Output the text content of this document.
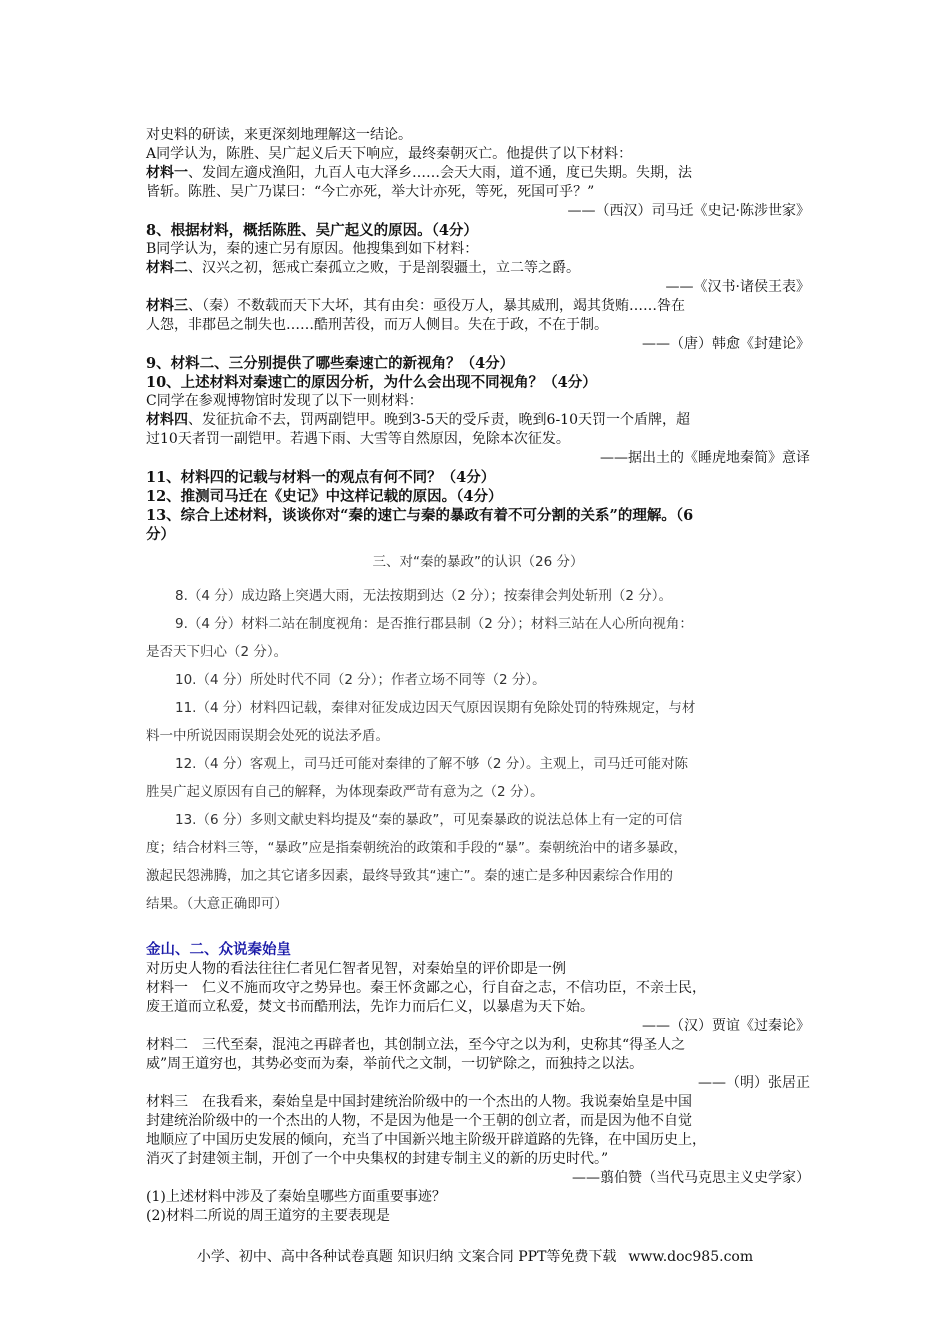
对史料的研读，来更深刻地理解这一结论。
A同学认为，陈胜、吴广起义后天下响应，最终秦朝灭亡。他提供了以下材料：
材料一、发闾左適戍渔阳，九百人屯大泽乡……会天大雨，道不通，度已失期。失期，法
皆斩。陈胜、吴广乃谋曰：“今亡亦死，举大计亦死，等死，死国可乎？”
——（西汉）司马迁《史记·陈涉世家》
8、根据材料，概括陈胜、吴广起义的原因。（4分）
B同学认为，秦的速亡另有原因。他搜集到如下材料：
材料二、汉兴之初，惩戒亡秦孤立之败，于是剖裂疆土，立二等之爵。
——《汉书·诸侯王表》
材料三、（秦）不数载而天下大坏，其有由矣：亟役万人，暴其威刑，竭其货贿……咎在
人怨，非郡邑之制失也……酷刑苦役，而万人侧目。失在于政，不在于制。
——（唐）韩愈《封建论》
9、材料二、三分别提供了哪些秦速亡的新视角？（4分）
10、上述材料对秦速亡的原因分析，为什么会出现不同视角？（4分）
C同学在参观博物馆时发现了以下一则材料：
材料四、发征抗命不去，罚两副铠甲。晚到3-5天的受斥责，晚到6-10天罚一个盾牌，超
过10天者罚一副铠甲。若遇下雨、大雪等自然原因，免除本次征发。
——据出土的《睡虎地秦简》意译
11、材料四的记载与材料一的观点有何不同？（4分）
12、推测司马迁在《史记》中这样记载的原因。（4分）
13、综合上述材料，谈谈你对“秦的速亡与秦的暴政有着不可分割的关系”的理解。（6
分）
三、对“秦的暴政”的认识（26 分）

8.（4 分）成边路上突遇大雨，无法按期到达（2 分）；按秦律会判处斩刑（2 分）。

9.（4 分）材料二站在制度视角：是否推行郡县制（2 分）；材料三站在人心所向视角：

是否天下归心（2 分）。

10.（4 分）所处时代不同（2 分）；作者立场不同等（2 分）。

11.（4 分）材料四记载，秦律对征发成边因天气原因误期有免除处罚的特殊规定，与材

料一中所说因雨误期会处死的说法矛盾。

12.（4 分）客观上，司马迁可能对秦律的了解不够（2 分）。主观上，司马迁可能对陈

胜吴广起义原因有自己的解释，为体现秦政严苛有意为之（2 分）。

13.（6 分）多则文献史料均提及“秦的暴政”，可见秦暴政的说法总体上有一定的可信

度；结合材料三等，“暴政”应是指秦朝统治的政策和手段的“暴”。秦朝统治中的诸多暴政，

激起民怨沸腾，加之其它诸多因素，最终导致其“速亡”。秦的速亡是多种因素综合作用的

结果。（大意正确即可）

金山、二、众说秦始皇
对历史人物的看法往往仁者见仁智者见智，对秦始皇的评价即是一例
材料一　仁义不施而攻守之势异也。秦王怀贪鄙之心，行自奋之志，不信功臣，不亲士民，
废王道而立私爱，焚文书而酷刑法，先诈力而后仁义，以暴虐为天下始。
——（汉）贾谊《过秦论》
材料二　三代至秦，混沌之再辟者也，其创制立法，至今守之以为利，史称其“得圣人之
威”周王道穷也，其势必变而为秦，举前代之文制，一切铲除之，而独持之以法。
——（明）张居正
材料三　在我看来，秦始皇是中国封建统治阶级中的一个杰出的人物。我说秦始皇是中国
封建统治阶级中的一个杰出的人物，不是因为他是一个王朝的创立者，而是因为他不自觉
地顺应了中国历史发展的倾向，充当了中国新兴地主阶级开辟道路的先锋，在中国历史上，
消灭了封建领主制，开创了一个中央集权的封建专制主义的新的历史时代。”
——翦伯赞（当代马克思主义史学家）
(1)上述材料中涉及了秦始皇哪些方面重要事迹？
(2)材料二所说的周王道穷的主要表现是
小学、初中、高中各种试卷真题 知识归纳 文案合同 PPT等免费下载 www.doc985.com
